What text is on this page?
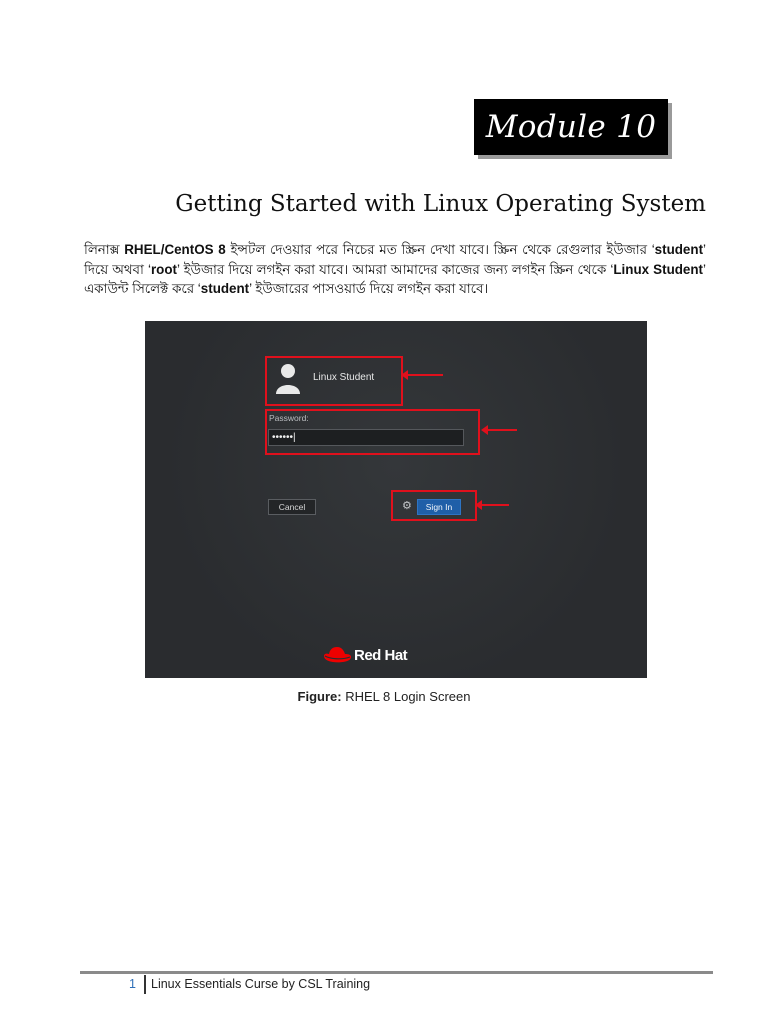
Module 10
Getting Started with Linux Operating System
লিনাক্স RHEL/CentOS 8 ইন্সটল দেওয়ার পরে নিচের মত স্ক্রিন দেখা যাবে। স্ক্রিন থেকে রেগুলার ইউজার ‘student’ দিয়ে অথবা ‘root’ ইউজার দিয়ে লগইন করা যাবে। আমরা আমাদের কাজের জন্য লগইন স্ক্রিন থেকে ‘Linux Student’ একাউন্ট সিলেক্ট করে ‘student’ ইউজারের পাসওয়ার্ড দিয়ে লগইন করা যাবে।
Linux Student
Password:
••••••|
Cancel	⚙	Sign In
Red Hat
Figure: RHEL 8 Login Screen
1 Linux Essentials Curse by CSL Training
